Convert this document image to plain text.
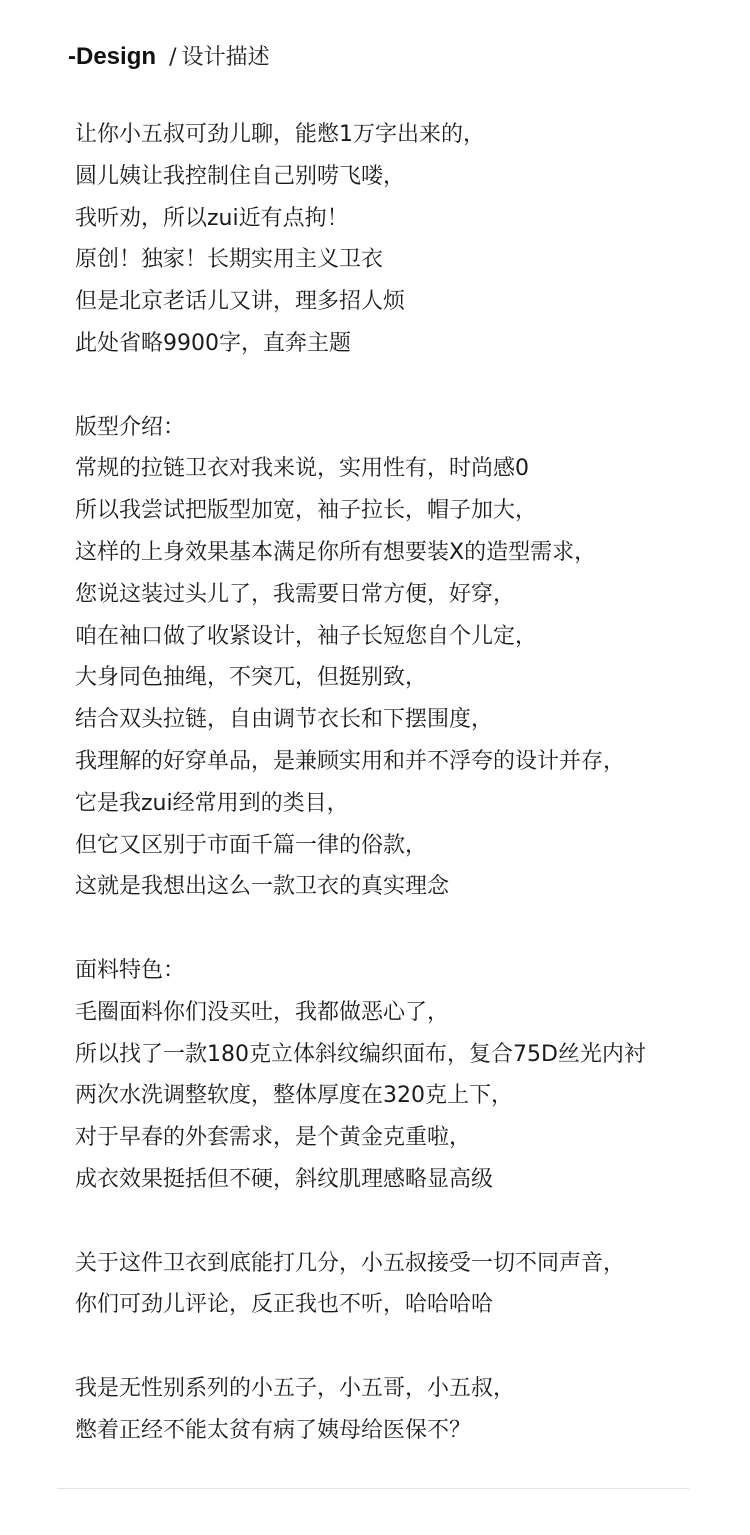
-Design / 设计描述
让你小五叔可劲儿聊，能憋1万字出来的，
圆儿姨让我控制住自己别唠飞喽，
我听劝，所以zui近有点拘！
原创！独家！长期实用主义卫衣
但是北京老话儿又讲，理多招人烦
此处省略9900字，直奔主题
版型介绍：
常规的拉链卫衣对我来说，实用性有，时尚感0
所以我尝试把版型加宽，袖子拉长，帽子加大，
这样的上身效果基本满足你所有想要装X的造型需求，
您说这装过头儿了，我需要日常方便，好穿，
咱在袖口做了收紧设计，袖子长短您自个儿定，
大身同色抽绳，不突兀，但挺别致，
结合双头拉链，自由调节衣长和下摆围度，
我理解的好穿单品，是兼顾实用和并不浮夸的设计并存，
它是我zui经常用到的类目，
但它又区别于市面千篇一律的俗款，
这就是我想出这么一款卫衣的真实理念
面料特色：
毛圈面料你们没买吐，我都做恶心了，
所以找了一款180克立体斜纹编织面布，复合75D丝光内衬
两次水洗调整软度，整体厚度在320克上下，
对于早春的外套需求，是个黄金克重啦，
成衣效果挺括但不硬，斜纹肌理感略显高级
关于这件卫衣到底能打几分，小五叔接受一切不同声音，
你们可劲儿评论，反正我也不听，哈哈哈哈
我是无性别系列的小五子，小五哥，小五叔，
憋着正经不能太贫有病了姨母给医保不？
